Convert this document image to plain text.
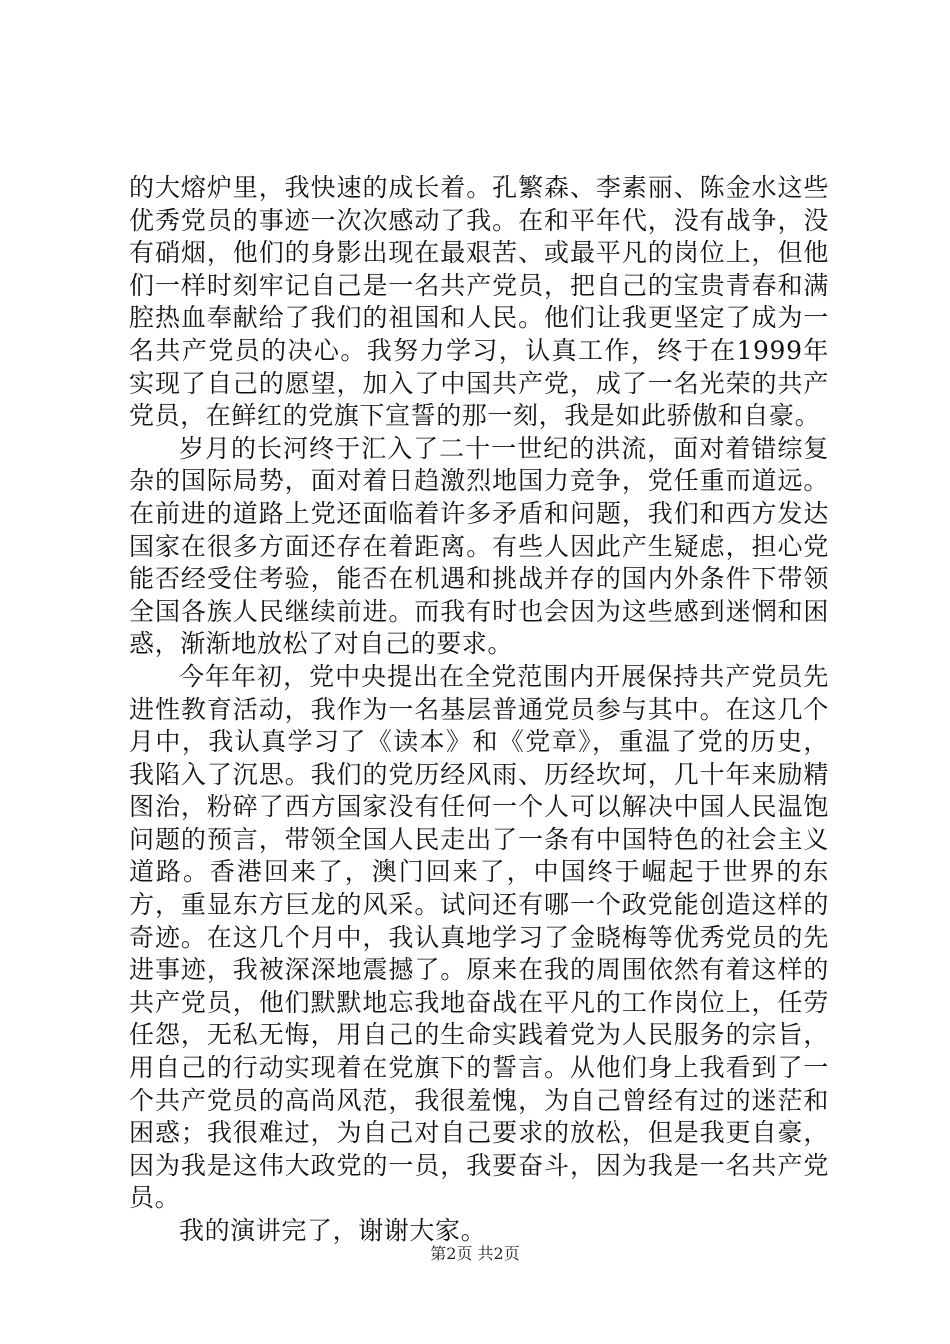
的大熔炉里，我快速的成长着。孔繁森、李素丽、陈金水这些优秀党员的事迹一次次感动了我。在和平年代，没有战争，没有硝烟，他们的身影出现在最艰苦、或最平凡的岗位上，但他们一样时刻牢记自己是一名共产党员，把自己的宝贵青春和满腔热血奉献给了我们的祖国和人民。他们让我更坚定了成为一名共产党员的决心。我努力学习，认真工作，终于在1999年实现了自己的愿望，加入了中国共产党，成了一名光荣的共产党员，在鲜红的党旗下宣誓的那一刻，我是如此骄傲和自豪。

岁月的长河终于汇入了二十一世纪的洪流，面对着错综复杂的国际局势，面对着日趋激烈地国力竞争，党任重而道远。在前进的道路上党还面临着许多矛盾和问题，我们和西方发达国家在很多方面还存在着距离。有些人因此产生疑虑，担心党能否经受住考验，能否在机遇和挑战并存的国内外条件下带领全国各族人民继续前进。而我有时也会因为这些感到迷惘和困惑，渐渐地放松了对自己的要求。

今年年初，党中央提出在全党范围内开展保持共产党员先进性教育活动，我作为一名基层普通党员参与其中。在这几个月中，我认真学习了《读本》和《党章》，重温了党的历史，我陷入了沉思。我们的党历经风雨、历经坎坷，几十年来励精图治，粉碎了西方国家没有任何一个人可以解决中国人民温饱问题的预言，带领全国人民走出了一条有中国特色的社会主义道路。香港回来了，澳门回来了，中国终于崛起于世界的东方，重显东方巨龙的风采。试问还有哪一个政党能创造这样的奇迹。在这几个月中，我认真地学习了金晓梅等优秀党员的先进事迹，我被深深地震撼了。原来在我的周围依然有着这样的共产党员，他们默默地忘我地奋战在平凡的工作岗位上，任劳任怨，无私无悔，用自己的生命实践着党为人民服务的宗旨，用自己的行动实现着在党旗下的誓言。从他们身上我看到了一个共产党员的高尚风范，我很羞愧，为自己曾经有过的迷茫和困惑；我很难过，为自己对自己要求的放松，但是我更自豪，因为我是这伟大政党的一员，我要奋斗，因为我是一名共产党员。

我的演讲完了，谢谢大家。

第2页 共2页
